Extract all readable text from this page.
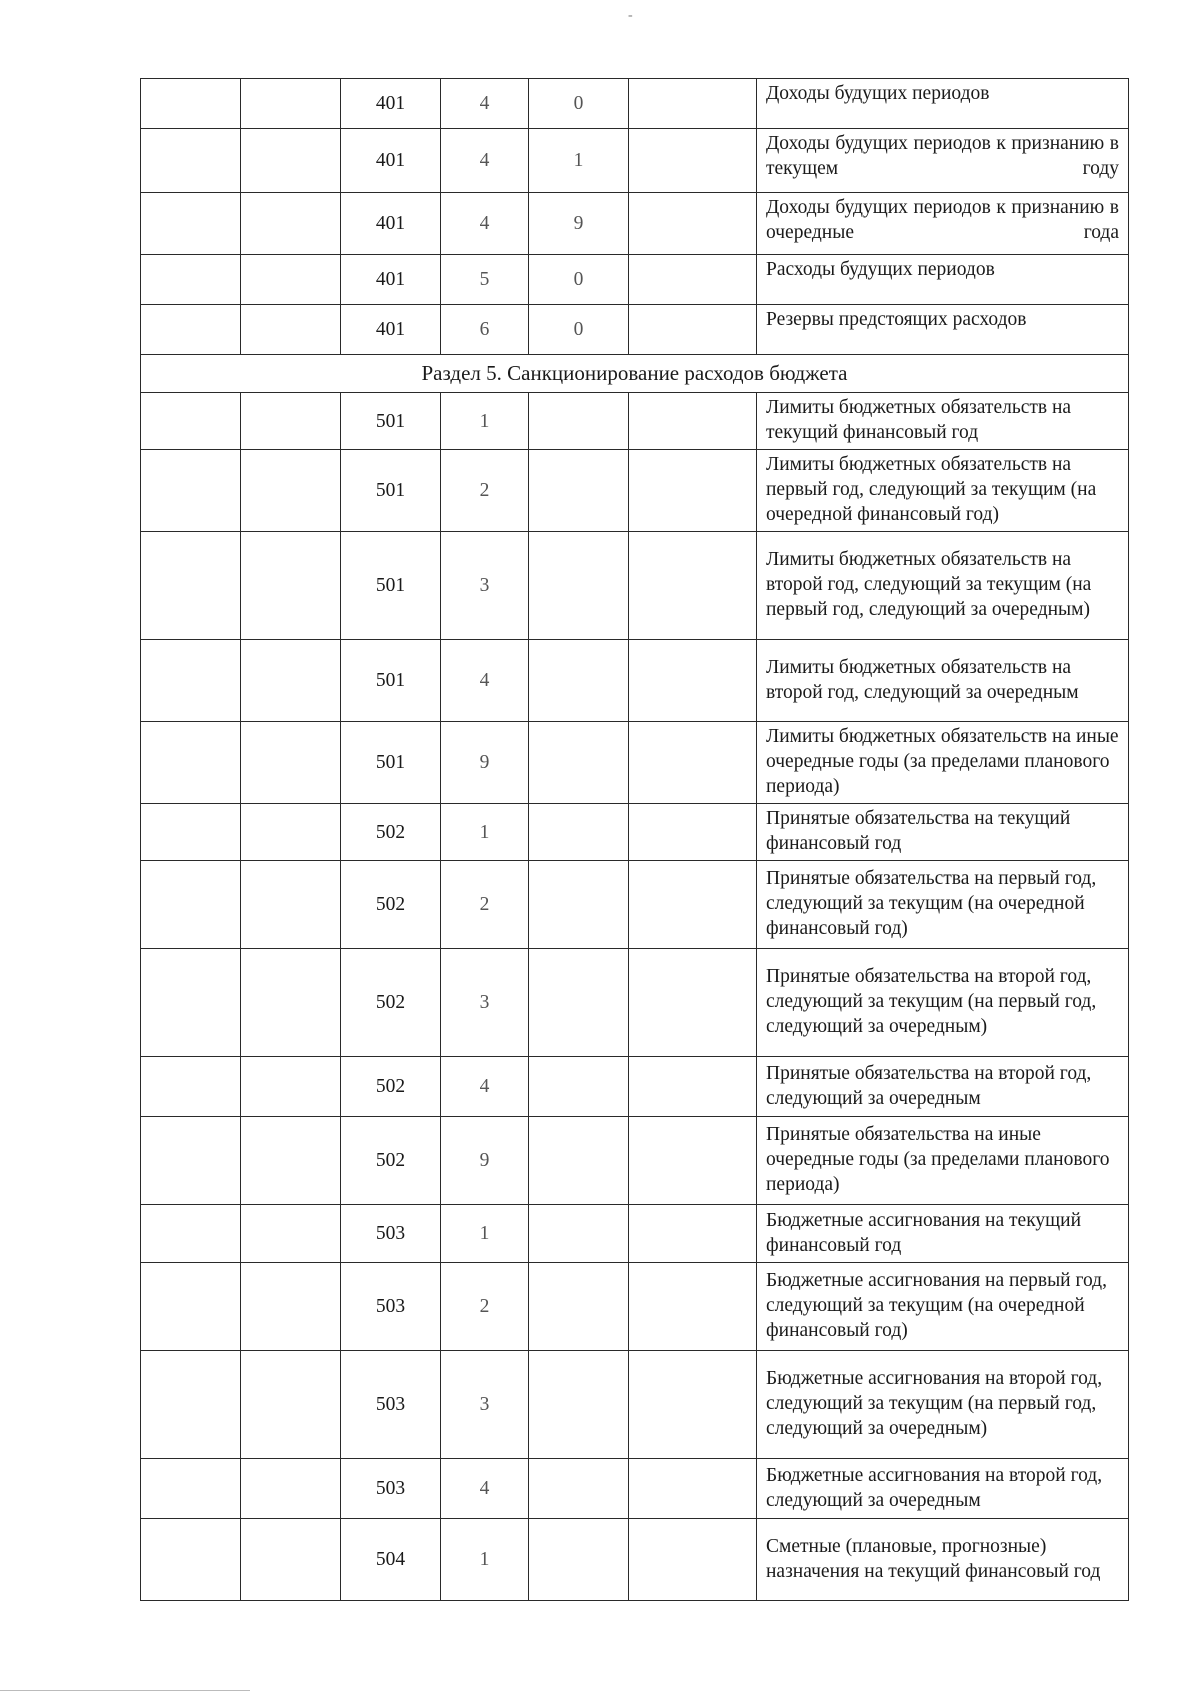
-
		401	4	0		Доходы будущих периодов
		401	4	1		Доходы будущих периодов к признанию в текущем году
		401	4	9		Доходы будущих периодов к признанию в очередные года
		401	5	0		Расходы будущих периодов
		401	6	0		Резервы предстоящих расходов
Раздел 5. Санкционирование расходов бюджета						
		501	1			Лимиты бюджетных обязательств на текущий финансовый год
		501	2			Лимиты бюджетных обязательств на первый год, следующий за текущим (на очередной финансовый год)
		501	3			Лимиты бюджетных обязательств на второй год, следующий за текущим (на первый год, следующий за очередным)
		501	4			Лимиты бюджетных обязательств на второй год, следующий за очередным
		501	9			Лимиты бюджетных обязательств на иные очередные годы (за пределами планового периода)
		502	1			Принятые обязательства на текущий финансовый год
		502	2			Принятые обязательства на первый год, следующий за текущим (на очередной финансовый год)
		502	3			Принятые обязательства на второй год, следующий за текущим (на первый год, следующий за очередным)
		502	4			Принятые обязательства на второй год, следующий за очередным
		502	9			Принятые обязательства на иные очередные годы (за пределами планового периода)
		503	1			Бюджетные ассигнования на текущий финансовый год
		503	2			Бюджетные ассигнования на первый год, следующий за текущим (на очередной финансовый год)
		503	3			Бюджетные ассигнования на второй год, следующий за текущим (на первый год, следующий за очередным)
		503	4			Бюджетные ассигнования на второй год, следующий за очередным
		504	1			Сметные (плановые, прогнозные) назначения на текущий финансовый год
